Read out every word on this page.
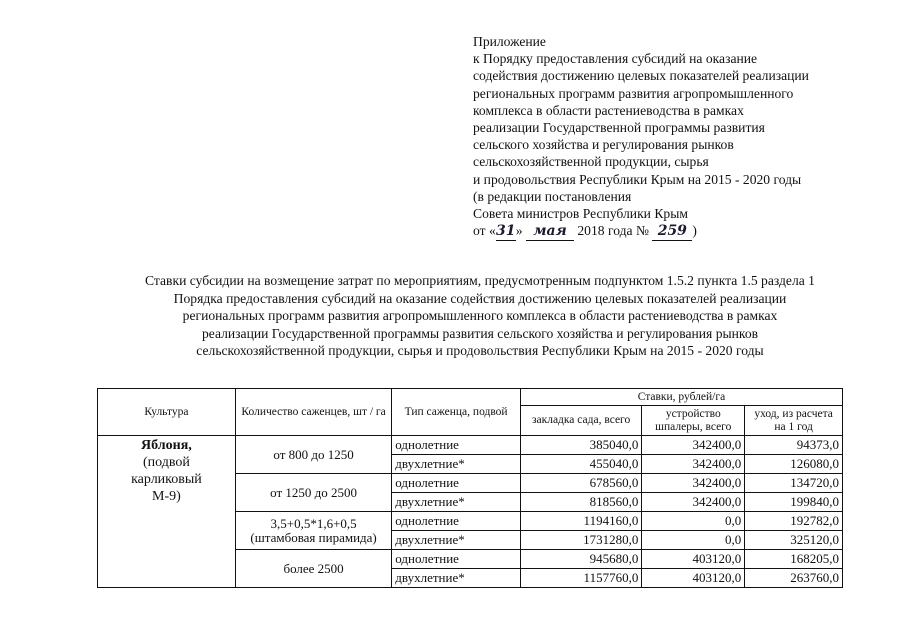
Приложение
к Порядку предоставления субсидий на оказание
содействия достижению целевых показателей реализации
региональных программ развития агропромышленного
комплекса в области растениеводства в рамках
реализации Государственной программы развития
сельского хозяйства и регулирования рынков
сельскохозяйственной продукции, сырья
и продовольствия Республики Крым на 2015 - 2020 годы
(в редакции постановления
Совета министров Республики Крым
от «31» мая 2018 года № 259 )
Ставки субсидии на возмещение затрат по мероприятиям, предусмотренным подпунктом 1.5.2 пункта 1.5 раздела 1
Порядка предоставления субсидий на оказание содействия достижению целевых показателей реализации
региональных программ развития агропромышленного комплекса в области растениеводства в рамках
реализации Государственной программы развития сельского хозяйства и регулирования рынков
сельскохозяйственной продукции, сырья и продовольствия Республики Крым на 2015 - 2020 годы
Культура	Количество саженцев, шт / га	Тип саженца, подвой	Ставки, рублей/га		
			закладка сада, всего	устройство шпалеры, всего	уход, из расчета на 1 год

Яблоня,
(подвой
карликовый
М-9)	от 800 до 1250	однолетние	385040,0	342400,0	94373,0
		двухлетние*	455040,0	342400,0	126080,0
	от 1250 до 2500	однолетние	678560,0	342400,0	134720,0
		двухлетние*	818560,0	342400,0	199840,0

	3,5+0,5*1,6+0,5
(штамбовая пирамида)	однолетние	1194160,0	0,0	192782,0
		двухлетние*	1731280,0	0,0	325120,0
	более 2500	однолетние	945680,0	403120,0	168205,0
		двухлетние*	1157760,0	403120,0	263760,0
